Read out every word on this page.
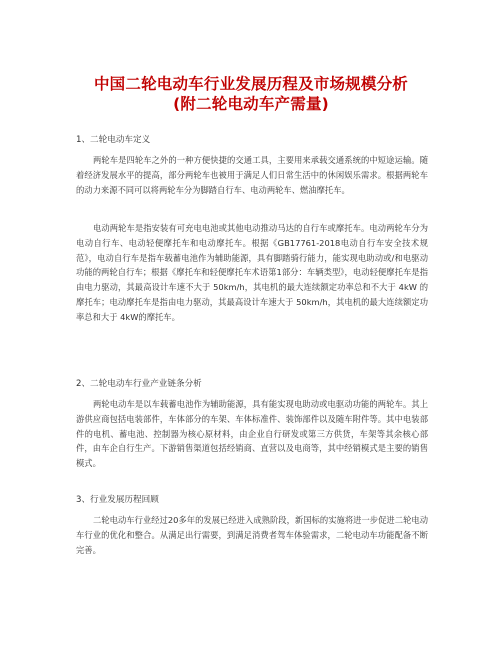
中国二轮电动车行业发展历程及市场规模分析
(附二轮电动车产需量)
1、二轮电动车定义

两轮车是四轮车之外的一种方便快捷的交通工具，主要用来承载交通系统的中短途运输。随着经济发展水平的提高，部分两轮车也被用于满足人们日常生活中的休闲娱乐需求。根据两轮车的动力来源不同可以将两轮车分为脚踏自行车、电动两轮车、燃油摩托车。

电动两轮车是指安装有可充电电池或其他电动推动马达的自行车或摩托车。电动两轮车分为电动自行车、电动轻便摩托车和电动摩托车。根据《GB17761-2018电动自行车安全技术规范》，电动自行车是指车载蓄电池作为辅助能源，具有脚踏骑行能力，能实现电助动或/和电驱动功能的两轮自行车；根据《摩托车和轻便摩托车术语第1部分：车辆类型》，电动轻便摩托车是指由电力驱动，其最高设计车速不大于 50km/h，其电机的最大连续额定功率总和不大于 4kW 的摩托车；电动摩托车是指由电力驱动，其最高设计车速大于 50km/h，其电机的最大连续额定功率总和大于 4kW的摩托车。

2、二轮电动车行业产业链条分析

两轮电动车是以车载蓄电池作为辅助能源，具有能实现电助动或电驱动功能的两轮车。其上游供应商包括电装部件，车体部分的车架、车体标准件、装饰部件以及随车附件等。其中电装部件的电机、蓄电池、控制器为核心原材料，由企业自行研发或第三方供货，车架等其余核心部件，由车企自行生产。下游销售渠道包括经销商、直营以及电商等，其中经销模式是主要的销售模式。

3、行业发展历程回顾

二轮电动车行业经过20多年的发展已经进入成熟阶段，新国标的实施将进一步促进二轮电动车行业的优化和整合。从满足出行需要，到满足消费者驾车体验需求，二轮电动车功能配备不断完善。
